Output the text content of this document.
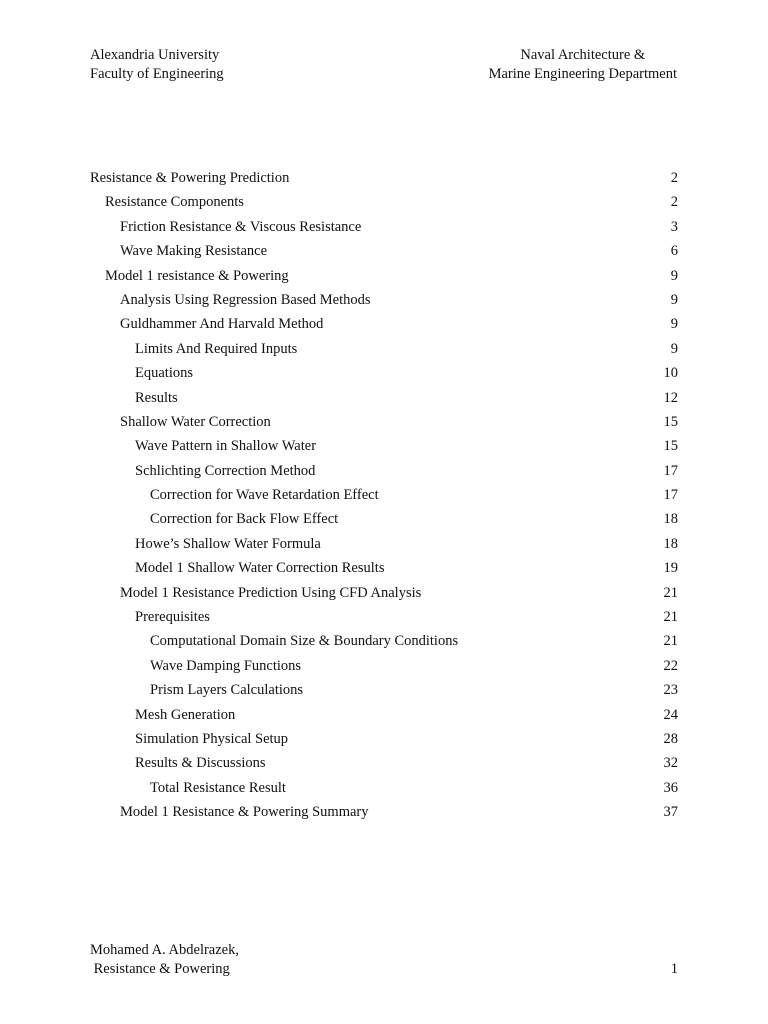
Alexandria University
Faculty of Engineering
Naval Architecture &
Marine Engineering Department
Resistance & Powering Prediction	2
Resistance Components	2
Friction Resistance & Viscous Resistance	3
Wave Making Resistance	6
Model 1 resistance & Powering	9
Analysis Using Regression Based Methods	9
Guldhammer And Harvald Method	9
Limits And Required Inputs	9
Equations	10
Results	12
Shallow Water Correction	15
Wave Pattern in Shallow Water	15
Schlichting Correction Method	17
Correction for Wave Retardation Effect	17
Correction for Back Flow Effect	18
Howe’s Shallow Water Formula	18
Model 1 Shallow Water Correction Results	19
Model 1 Resistance Prediction Using CFD Analysis	21
Prerequisites	21
Computational Domain Size & Boundary Conditions	21
Wave Damping Functions	22
Prism Layers Calculations	23
Mesh Generation	24
Simulation Physical Setup	28
Results & Discussions	32
Total Resistance Result	36
Model 1 Resistance & Powering Summary	37
Mohamed A. Abdelrazek,
Resistance & Powering	1
